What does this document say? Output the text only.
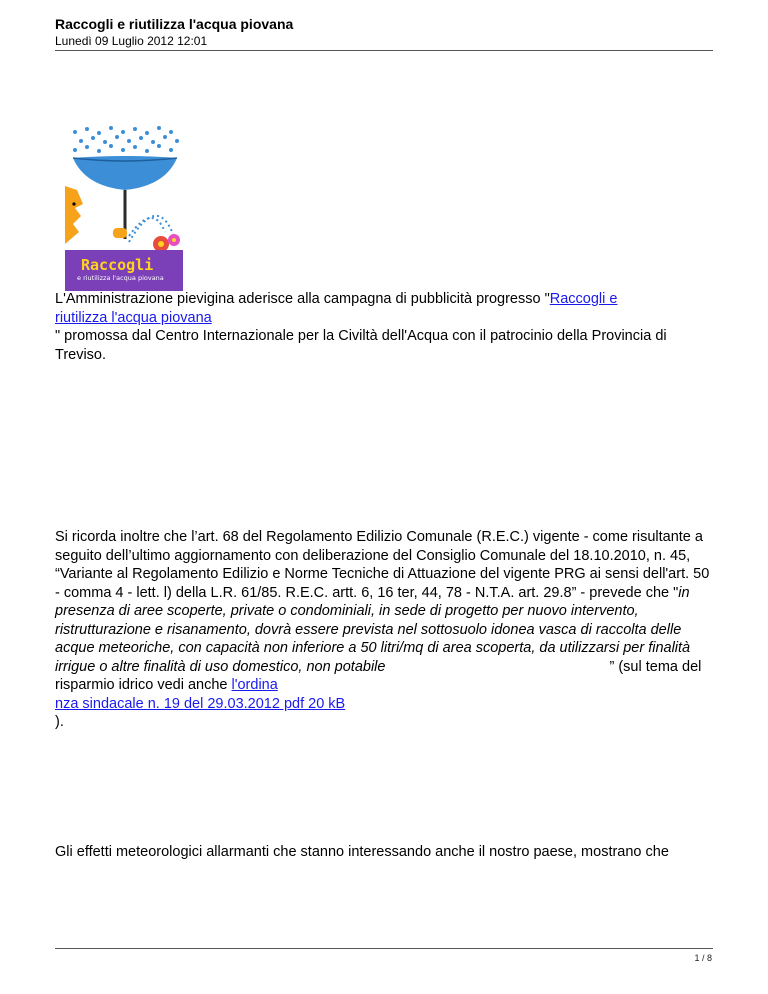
Raccogli e riutilizza l'acqua piovana
Lunedì 09 Luglio 2012 12:01
Raccogli
e riutilizza l'acqua piovana
L'Amministrazione pievigina aderisce alla campagna di pubblicità progresso "Raccogli e
riutilizza l'acqua piovana
" promossa dal Centro Internazionale per la Civiltà dell'Acqua con il patrocinio della Provincia di Treviso.
Si ricorda inoltre che l’art. 68 del Regolamento Edilizio Comunale (R.E.C.) vigente - come risultante a seguito dell’ultimo aggiornamento con deliberazione del Consiglio Comunale del 18.10.2010, n. 45, “Variante al Regolamento Edilizio e Norme Tecniche di Attuazione del vigente PRG ai sensi dell'art. 50 - comma 4 - lett. l) della L.R. 61/85. R.E.C. artt. 6, 16 ter, 44, 78 - N.T.A. art. 29.8” - prevede che "in presenza di aree scoperte, private o condominiali, in sede di progetto per nuovo intervento, ristrutturazione e risanamento, dovrà essere prevista nel sottosuolo idonea vasca di raccolta delle acque meteoriche, con capacità non inferiore a 50 litri/mq di area scoperta, da utilizzarsi per finalità irrigue o altre finalità di uso domestico, non potabile	” (sul tema del risparmio idrico vedi anche l'ordina
nza sindacale n. 19 del 29.03.2012 pdf 20 kB
).
Gli effetti meteorologici allarmanti che stanno interessando anche il nostro paese, mostrano che
1 / 8
